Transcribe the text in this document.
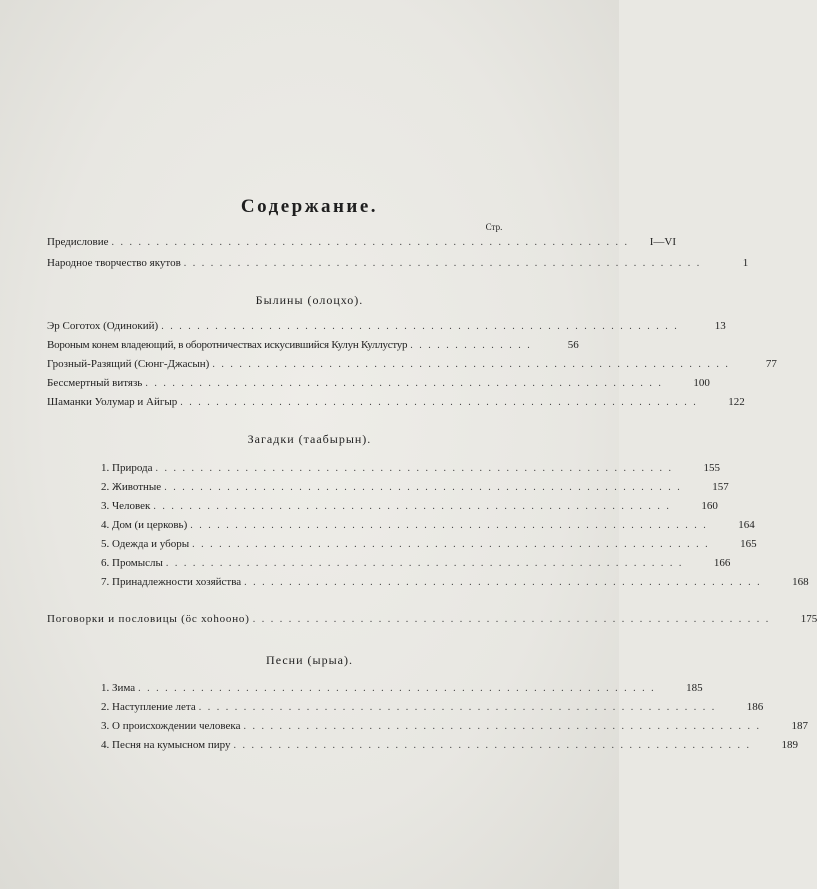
Содержание.
Стр.
Предисловие . . . . . . . . . . . . . . . . . . . . . . . . . . . . . . . . . . . . . . . . . . . . . . . . . . . . . . . . . .	I—VI
Народное творчество якутов . . . . . . . . . . . . . . . . . . . . . . . . . . . . . . . . . . . . . . . . . . . . . . . . . . . . . . . . . .	1
Былины (олоцхо).
Эр Соготох (Одинокий) . . . . . . . . . . . . . . . . . . . . . . . . . . . . . . . . . . . . . . . . . . . . . . . . . . . . . . . . . .	13
Вороным конем владеющий, в оборотничествах искусившийся Кулун Куллустур . . . . . . . . . . . . . .	56
Грозный-Разящий (Сюнг-Джасын) . . . . . . . . . . . . . . . . . . . . . . . . . . . . . . . . . . . . . . . . . . . . . . . . . . . . . . . . . .	77
Бессмертный витязь . . . . . . . . . . . . . . . . . . . . . . . . . . . . . . . . . . . . . . . . . . . . . . . . . . . . . . . . . .	100
Шаманки Уолумар и Айгыр . . . . . . . . . . . . . . . . . . . . . . . . . . . . . . . . . . . . . . . . . . . . . . . . . . . . . . . . . .	122
Загадки (таабырын).
1. Природа . . . . . . . . . . . . . . . . . . . . . . . . . . . . . . . . . . . . . . . . . . . . . . . . . . . . . . . . . .	155
2. Животные . . . . . . . . . . . . . . . . . . . . . . . . . . . . . . . . . . . . . . . . . . . . . . . . . . . . . . . . . .	157
3. Человек . . . . . . . . . . . . . . . . . . . . . . . . . . . . . . . . . . . . . . . . . . . . . . . . . . . . . . . . . .	160
4. Дом (и церковь) . . . . . . . . . . . . . . . . . . . . . . . . . . . . . . . . . . . . . . . . . . . . . . . . . . . . . . . . . .	164
5. Одежда и уборы . . . . . . . . . . . . . . . . . . . . . . . . . . . . . . . . . . . . . . . . . . . . . . . . . . . . . . . . . .	165
6. Промыслы . . . . . . . . . . . . . . . . . . . . . . . . . . . . . . . . . . . . . . . . . . . . . . . . . . . . . . . . . .	166
7. Принадлежности хозяйства . . . . . . . . . . . . . . . . . . . . . . . . . . . . . . . . . . . . . . . . . . . . . . . . . . . . . . . . . .	168
Поговорки и пословицы (ӧс хоһооно) . . . . . . . . . . . . . . . . . . . . . . . . . . . . . . . . . . . . . . . . . . . . . . . . . . . . . . . . . .	175
Песни (ырыа).
1. Зима . . . . . . . . . . . . . . . . . . . . . . . . . . . . . . . . . . . . . . . . . . . . . . . . . . . . . . . . . .	185
2. Наступление лета . . . . . . . . . . . . . . . . . . . . . . . . . . . . . . . . . . . . . . . . . . . . . . . . . . . . . . . . . .	186
3. О происхождении человека . . . . . . . . . . . . . . . . . . . . . . . . . . . . . . . . . . . . . . . . . . . . . . . . . . . . . . . . . .	187
4. Песня на кумысном пиру . . . . . . . . . . . . . . . . . . . . . . . . . . . . . . . . . . . . . . . . . . . . . . . . . . . . . . . . . .	189
